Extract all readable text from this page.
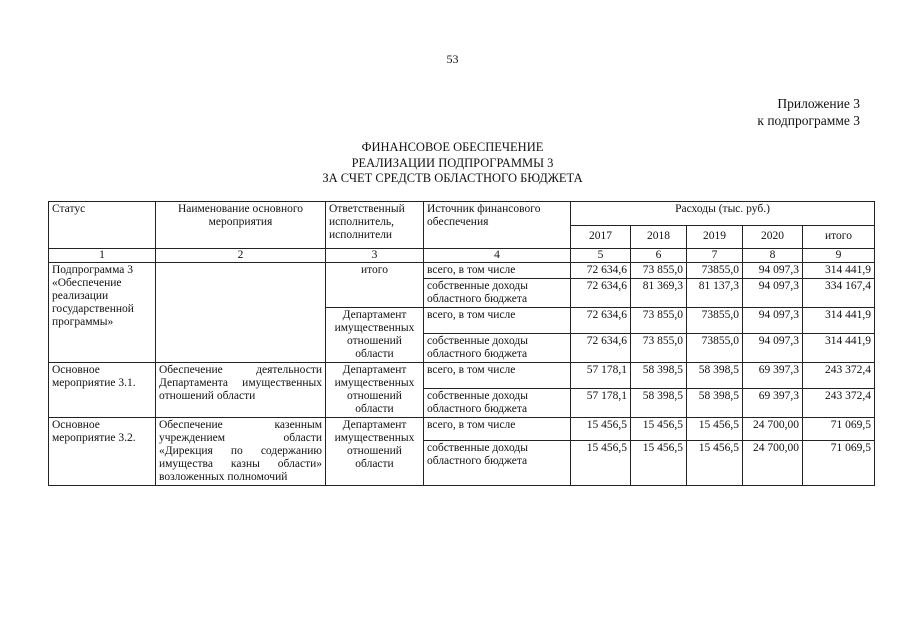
53
Приложение 3
к подпрограмме 3
ФИНАНСОВОЕ ОБЕСПЕЧЕНИЕ
РЕАЛИЗАЦИИ ПОДПРОГРАММЫ 3
ЗА СЧЕТ СРЕДСТВ ОБЛАСТНОГО БЮДЖЕТА
Статус	Наименование основного мероприятия	Ответственный исполнитель, исполнители	Источник финансового обеспечения	Расходы (тыс. руб.)				
				2017	2018	2019	2020	итого
1	2	3	4	5	6	7	8	9
Подпрограмма 3 «Обеспечение реализации государственной программы»		итого	всего, в том числе	72 634,6	73 855,0	73855,0	94 097,3	314 441,9
			собственные доходы областного бюджета	72 634,6	81 369,3	81 137,3	94 097,3	334 167,4
		Департамент имущественных отношений области	всего, в том числе	72 634,6	73 855,0	73855,0	94 097,3	314 441,9
			собственные доходы областного бюджета	72 634,6	73 855,0	73855,0	94 097,3	314 441,9
Основное мероприятие 3.1.	Обеспечение деятельности Департамента имущественных отношений области	Департамент имущественных отношений области	всего, в том числе	57 178,1	58 398,5	58 398,5	69 397,3	243 372,4
			собственные доходы областного бюджета	57 178,1	58 398,5	58 398,5	69 397,3	243 372,4
Основное мероприятие 3.2.	Обеспечение казенным учреждением области «Дирекция по содержанию имущества казны области» возложенных полномочий	Департамент имущественных отношений области	всего, в том числе	15 456,5	15 456,5	15 456,5	24 700,00	71 069,5
			собственные доходы областного бюджета	15 456,5	15 456,5	15 456,5	24 700,00	71 069,5
